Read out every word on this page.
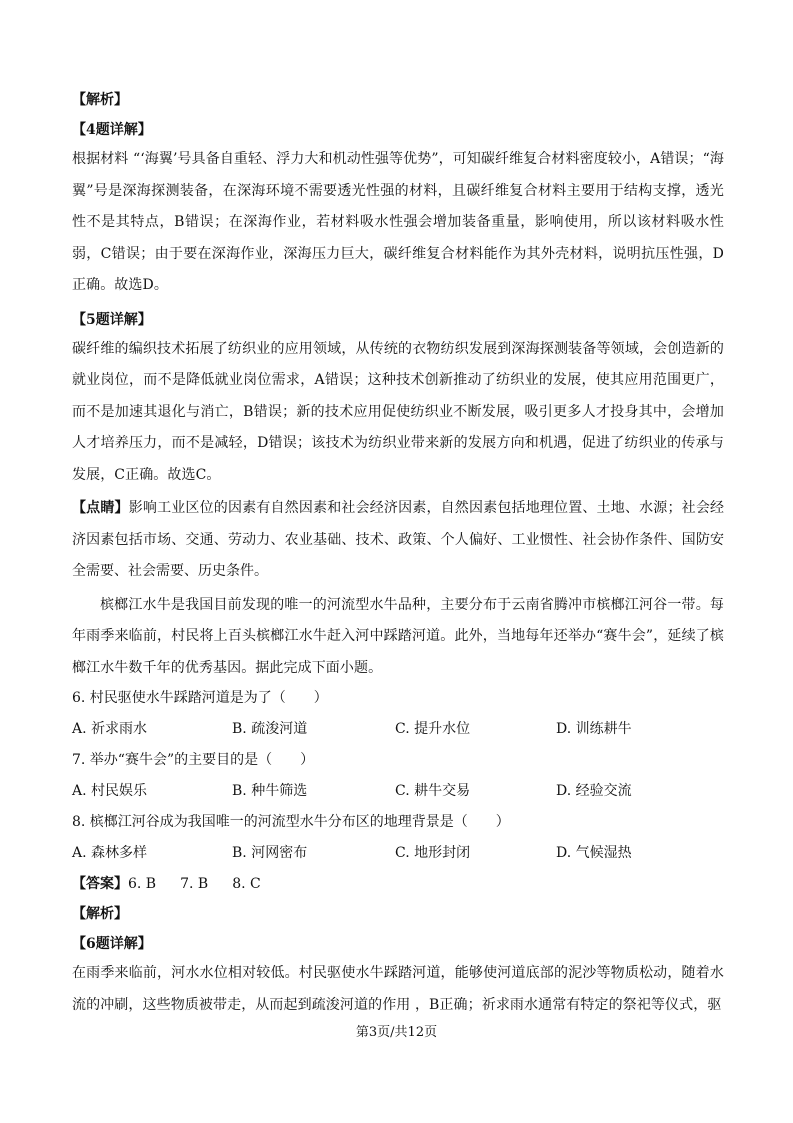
【解析】
【4题详解】

根据材料 “‘海翼’号具备自重轻、浮力大和机动性强等优势”，可知碳纤维复合材料密度较小，A错误；“海翼”号是深海探测装备，在深海环境不需要透光性强的材料，且碳纤维复合材料主要用于结构支撑，透光性不是其特点，B错误；在深海作业，若材料吸水性强会增加装备重量，影响使用，所以该材料吸水性弱，C错误；由于要在深海作业，深海压力巨大，碳纤维复合材料能作为其外壳材料，说明抗压性强，D正确。故选D。

【5题详解】

碳纤维的编织技术拓展了纺织业的应用领域，从传统的衣物纺织发展到深海探测装备等领域，会创造新的就业岗位，而不是降低就业岗位需求，A错误；这种技术创新推动了纺织业的发展，使其应用范围更广，而不是加速其退化与消亡，B错误；新的技术应用促使纺织业不断发展，吸引更多人才投身其中，会增加人才培养压力，而不是减轻，D错误；该技术为纺织业带来新的发展方向和机遇，促进了纺织业的传承与发展，C正确。故选C。

【点睛】影响工业区位的因素有自然因素和社会经济因素，自然因素包括地理位置、土地、水源；社会经济因素包括市场、交通、劳动力、农业基础、技术、政策、个人偏好、工业惯性、社会协作条件、国防安全需要、社会需要、历史条件。

槟榔江水牛是我国目前发现的唯一的河流型水牛品种，主要分布于云南省腾冲市槟榔江河谷一带。每年雨季来临前，村民将上百头槟榔江水牛赶入河中踩踏河道。此外，当地每年还举办“赛牛会”，延续了槟榔江水牛数千年的优秀基因。据此完成下面小题。

6. 村民驱使水牛踩踏河道是为了（　　）
A. 祈求雨水	B. 疏浚河道	C. 提升水位	D. 训练耕牛
7. 举办“赛牛会”的主要目的是（　　）
A. 村民娱乐	B. 种牛筛选	C. 耕牛交易	D. 经验交流
8. 槟榔江河谷成为我国唯一的河流型水牛分布区的地理背景是（　　）
A. 森林多样	B. 河网密布	C. 地形封闭	D. 气候湿热
【答案】6. B 7. B 8. C
【解析】
【6题详解】

在雨季来临前，河水水位相对较低。村民驱使水牛踩踏河道，能够使河道底部的泥沙等物质松动，随着水流的冲刷，这些物质被带走，从而起到疏浚河道的作用 ，B正确；祈求雨水通常有特定的祭祀等仪式，驱

第3页/共12页
